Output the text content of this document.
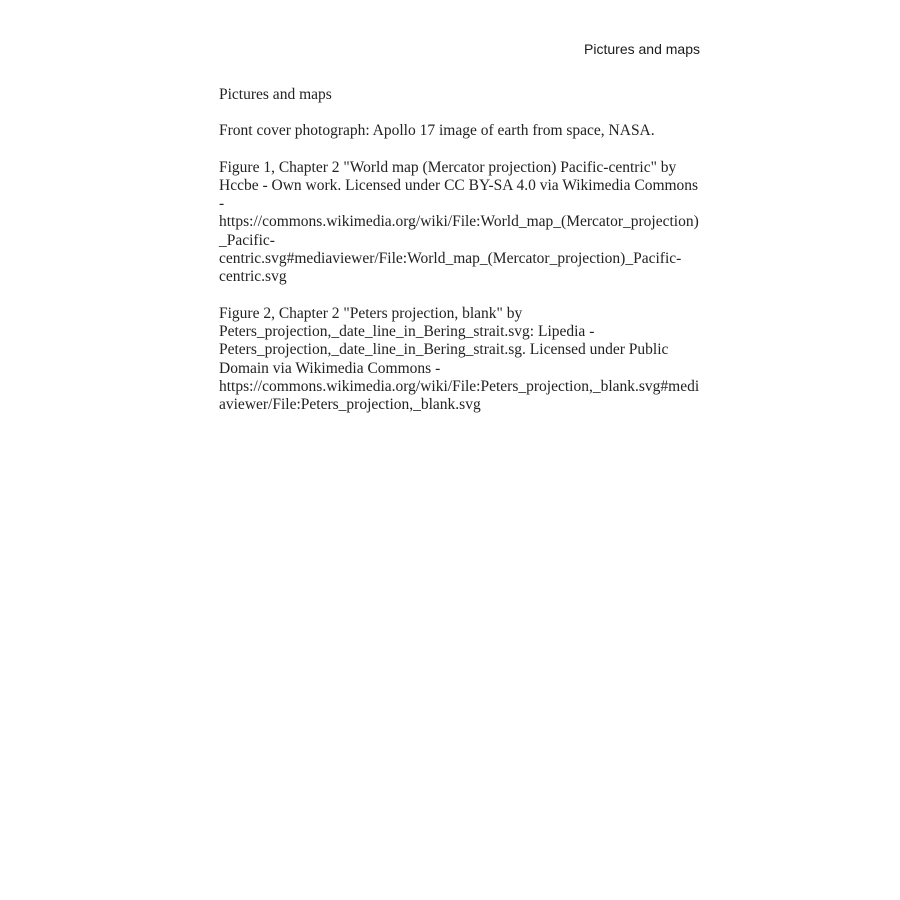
Pictures and maps

Pictures and maps

Front cover photograph: Apollo 17 image of earth from space, NASA.

Figure 1, Chapter 2 "World map (Mercator projection) Pacific-centric" by Hccbe - Own work. Licensed under CC BY-SA 4.0 via Wikimedia Commons - https://commons.wikimedia.org/wiki/File:World_map_(Mercator_projection)_Pacific-centric.svg#mediaviewer/File:World_map_(Mercator_projection)_Pacific-centric.svg

Figure 2, Chapter 2 "Peters projection, blank" by Peters_projection,_date_line_in_Bering_strait.svg: Lipedia - Peters_projection,_date_line_in_Bering_strait.sg. Licensed under Public Domain via Wikimedia Commons - https://commons.wikimedia.org/wiki/File:Peters_projection,_blank.svg#mediaviewer/File:Peters_projection,_blank.svg
